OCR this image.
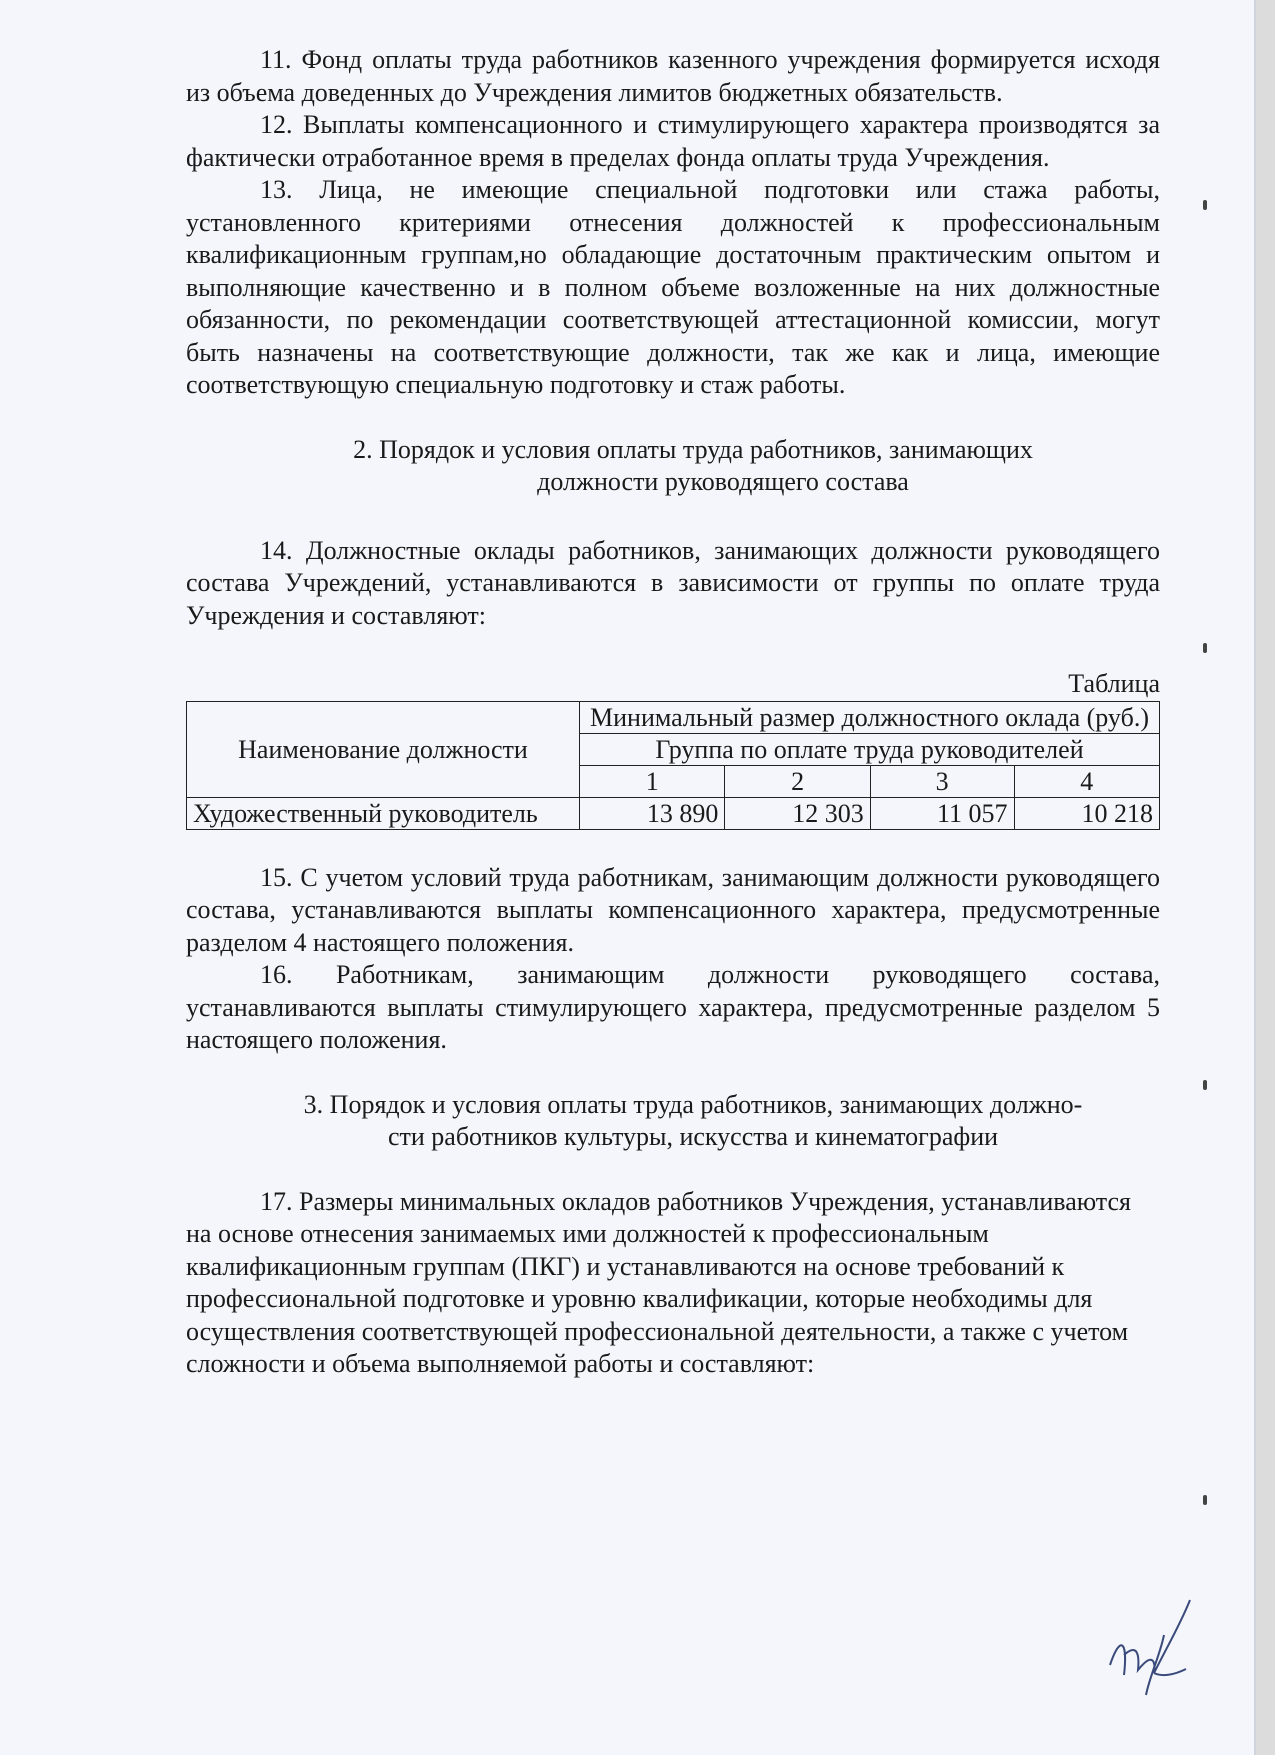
11. Фонд оплаты труда работников казенного учреждения формируется исходя из объема доведенных до Учреждения лимитов бюджетных обязательств.

12. Выплаты компенсационного и стимулирующего характера производятся за фактически отработанное время в пределах фонда оплаты труда Учреждения.

13. Лица, не имеющие специальной подготовки или стажа работы, установленного критериями отнесения должностей к профессиональным квалификационным группам,но обладающие достаточным практическим опытом и выполняющие качественно и в полном объеме возложенные на них должностные обязанности, по рекомендации соответствующей аттестационной комиссии, могут быть назначены на соответствующие должности, так же как и лица, имеющие соответствующую специальную подготовку и стаж работы.

2. Порядок и условия оплаты труда работников, занимающих
должности руководящего состава

14. Должностные оклады работников, занимающих должности руководящего состава Учреждений, устанавливаются в зависимости от группы по оплате труда Учреждения и составляют:

Таблица

Наименование должности	Минимальный размер должностного оклада (руб.)			
	Группа по оплате труда руководителей			
	1	2	3	4
Художественный руководитель	13 890	12 303	11 057	10 218

15. С учетом условий труда работникам, занимающим должности руководящего состава, устанавливаются выплаты компенсационного характера, предусмотренные разделом 4 настоящего положения.

16. Работникам, занимающим должности руководящего состава, устанавливаются выплаты стимулирующего характера, предусмотренные разделом 5 настоящего положения.

3. Порядок и условия оплаты труда работников, занимающих должно-
сти работников культуры, искусства и кинематографии

17. Размеры минимальных окладов работников Учреждения, устанавливаются на основе отнесения занимаемых ими должностей к профессиональным квалификационным группам (ПКГ) и устанавливаются на основе требований к профессиональной подготовке и уровню квалификации, которые необходимы для осуществления соответствующей профессиональной деятельности, а также с учетом сложности и объема выполняемой работы и составляют:
